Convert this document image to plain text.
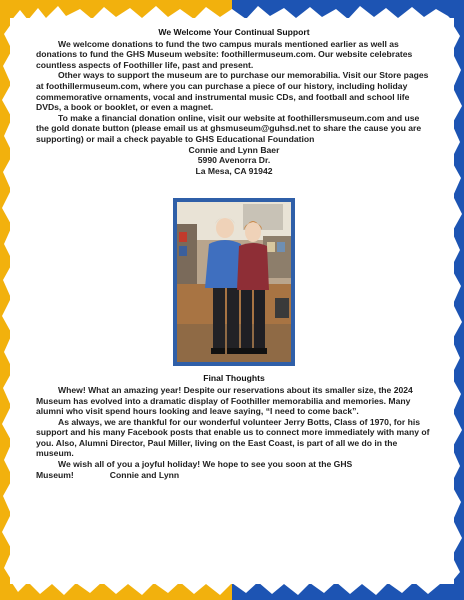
We Welcome Your Continual Support

We welcome donations to fund the two campus murals mentioned earlier as well as donations to fund the GHS Museum website: foothillermuseum.com. Our website celebrates countless aspects of Foothiller life, past and present.

Other ways to support the museum are to purchase our memorabilia. Visit our Store pages at foothillermuseum.com, where you can purchase a piece of our history, including holiday commemorative ornaments, vocal and instrumental music CDs, and football and school life DVDs, a book or booklet, or even a magnet.

To make a financial donation online, visit our website at foothillersmuseum.com and use the gold donate button (please email us at ghsmuseum@guhsd.net to share the cause you are supporting) or mail a check payable to GHS Educational Foundation

Connie and Lynn Baer

5990 Avenorra Dr.

La Mesa, CA 91942

Final Thoughts

Whew! What an amazing year! Despite our reservations about its smaller size, the 2024 Museum has evolved into a dramatic display of Foothiller memorabilia and memories. Many alumni who visit spend hours looking and leave saying, “I need to come back”.

As always, we are thankful for our wonderful volunteer Jerry Botts, Class of 1970, for his support and his many Facebook posts that enable us to connect more immediately with many of you. Also, Alumni Director, Paul Miller, living on the East Coast, is part of all we do in the museum.

We wish all of you a joyful holiday! We hope to see you soon at the GHS Museum!	Connie and Lynn
